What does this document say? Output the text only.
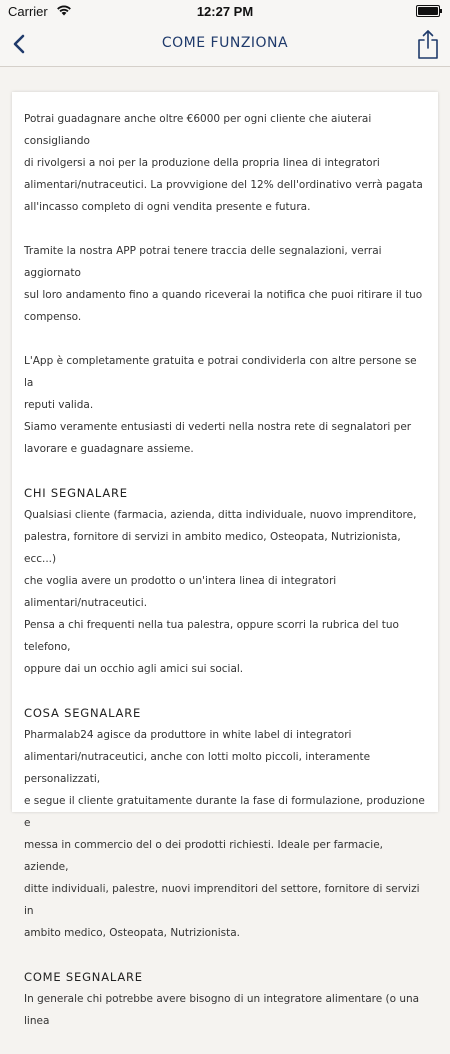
Carrier	12:27 PM
COME FUNZIONA

Potrai guadagnare anche oltre €6000 per ogni cliente che aiuterai consigliando
di rivolgersi a noi per la produzione della propria linea di integratori
alimentari/nutraceutici. La provvigione del 12% dell'ordinativo verrà pagata
all'incasso completo di ogni vendita presente e futura.

Tramite la nostra APP potrai tenere traccia delle segnalazioni, verrai aggiornato
sul loro andamento fino a quando riceverai la notifica che puoi ritirare il tuo
compenso.

L'App è completamente gratuita e potrai condividerla con altre persone se la
reputi valida.
Siamo veramente entusiasti di vederti nella nostra rete di segnalatori per
lavorare e guadagnare assieme.

CHI SEGNALARE

Qualsiasi cliente (farmacia, azienda, ditta individuale, nuovo imprenditore,
palestra, fornitore di servizi in ambito medico, Osteopata, Nutrizionista, ecc...)
che voglia avere un prodotto o un'intera linea di integratori
alimentari/nutraceutici.
Pensa a chi frequenti nella tua palestra, oppure scorri la rubrica del tuo telefono,
oppure dai un occhio agli amici sui social.

COSA SEGNALARE

Pharmalab24 agisce da produttore in white label di integratori
alimentari/nutraceutici, anche con lotti molto piccoli, interamente personalizzati,
e segue il cliente gratuitamente durante la fase di formulazione, produzione e
messa in commercio del o dei prodotti richiesti. Ideale per farmacie, aziende,
ditte individuali, palestre, nuovi imprenditori del settore, fornitore di servizi in
ambito medico, Osteopata, Nutrizionista.

COME SEGNALARE

In generale chi potrebbe avere bisogno di un integratore alimentare (o una linea
